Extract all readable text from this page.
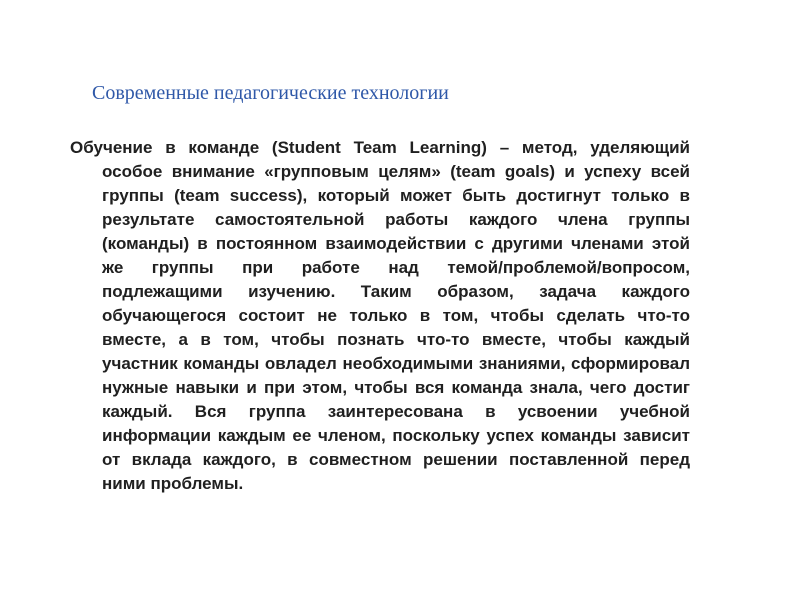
Современные педагогические технологии
Обучение в команде (Student Team Learning) – метод, уделяющий особое внимание «групповым целям» (team goals) и успеху всей группы (team success), который может быть достигнут только в результате самостоятельной работы каждого члена группы (команды) в постоянном взаимодействии с другими членами этой же группы при работе над темой/проблемой/вопросом, подлежащими изучению. Таким образом, задача каждого обучающегося состоит не только в том, чтобы сделать что-то вместе, а в том, чтобы познать что-то вместе, чтобы каждый участник команды овладел необходимыми знаниями, сформировал нужные навыки и при этом, чтобы вся команда знала, чего достиг каждый. Вся группа заинтересована в усвоении учебной информации каждым ее членом, поскольку успех команды зависит от вклада каждого, в совместном решении поставленной перед ними проблемы.
